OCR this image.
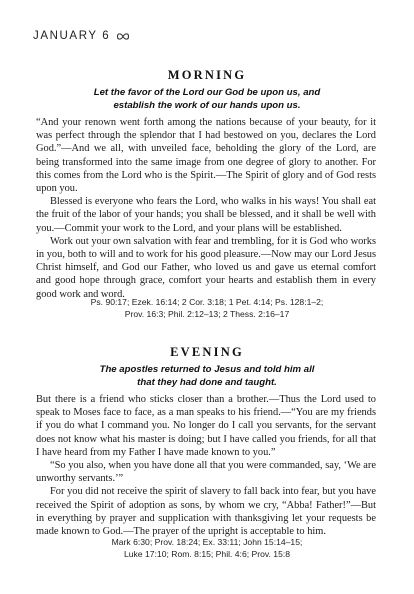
JANUARY 6
MORNING
Let the favor of the Lord our God be upon us, and
establish the work of our hands upon us.

“And your renown went forth among the nations because of your beauty, for it was perfect through the splendor that I had bestowed on you, declares the Lord God.”—And we all, with unveiled face, beholding the glory of the Lord, are being transformed into the same image from one degree of glory to another. For this comes from the Lord who is the Spirit.—The Spirit of glory and of God rests upon you.

Blessed is everyone who fears the Lord, who walks in his ways! You shall eat the fruit of the labor of your hands; you shall be blessed, and it shall be well with you.—Commit your work to the Lord, and your plans will be established.

Work out your own salvation with fear and trembling, for it is God who works in you, both to will and to work for his good pleasure.—Now may our Lord Jesus Christ himself, and God our Father, who loved us and gave us eternal comfort and good hope through grace, comfort your hearts and establish them in every good work and word.

Ps. 90:17; Ezek. 16:14; 2 Cor. 3:18; 1 Pet. 4:14; Ps. 128:1–2;
Prov. 16:3; Phil. 2:12–13; 2 Thess. 2:16–17
EVENING
The apostles returned to Jesus and told him all
that they had done and taught.

But there is a friend who sticks closer than a brother.—Thus the Lord used to speak to Moses face to face, as a man speaks to his friend.—“You are my friends if you do what I command you. No longer do I call you servants, for the servant does not know what his master is doing; but I have called you friends, for all that I have heard from my Father I have made known to you.”

“So you also, when you have done all that you were commanded, say, ‘We are unworthy servants.’”

For you did not receive the spirit of slavery to fall back into fear, but you have received the Spirit of adoption as sons, by whom we cry, “Abba! Father!”—But in everything by prayer and supplication with thanksgiving let your requests be made known to God.—The prayer of the upright is acceptable to him.

Mark 6:30; Prov. 18:24; Ex. 33:11; John 15:14–15;
Luke 17:10; Rom. 8:15; Phil. 4:6; Prov. 15:8
